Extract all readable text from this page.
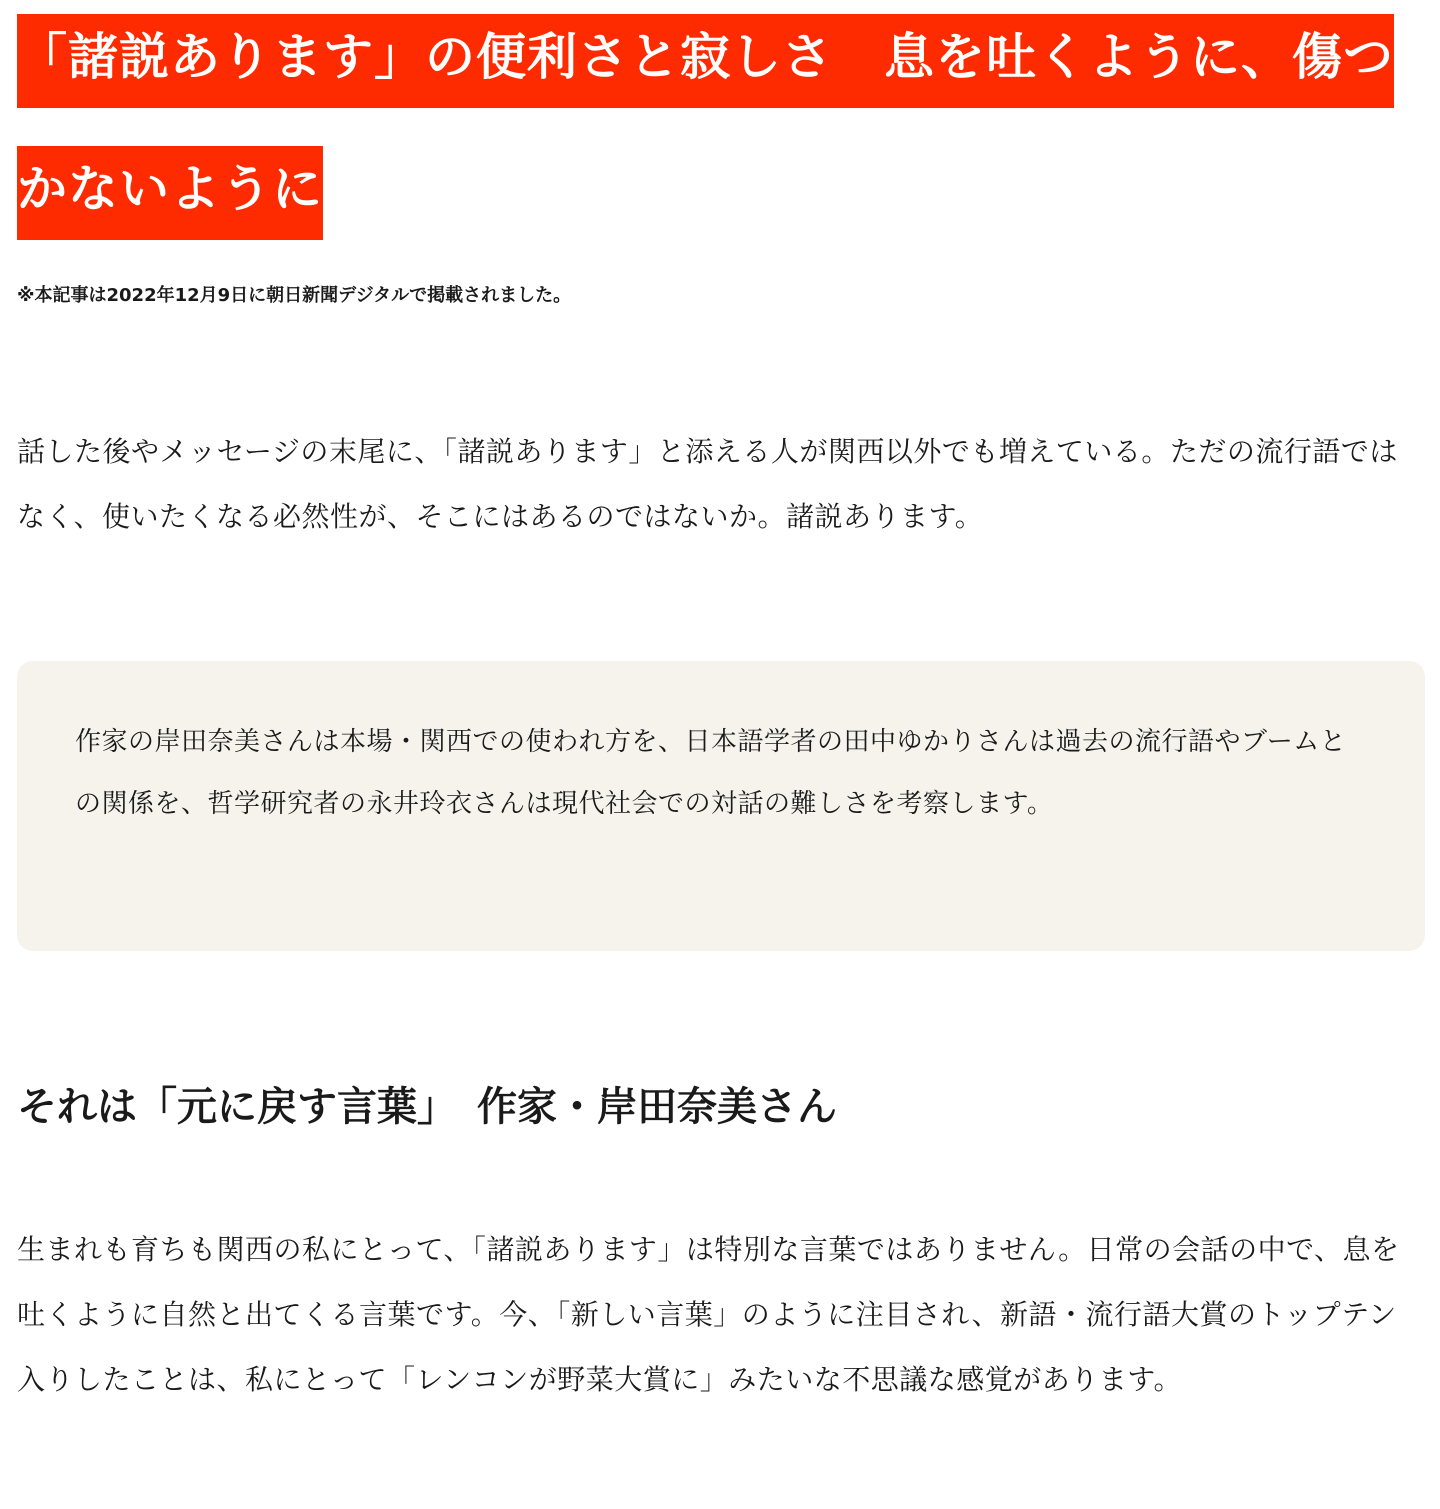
「諸説あります」の便利さと寂しさ　息を吐くように、傷つかないように

※本記事は2022年12月9日に朝日新聞デジタルで掲載されました。

話した後やメッセージの末尾に、「諸説あります」と添える人が関西以外でも増えている。ただの流行語ではなく、使いたくなる必然性が、そこにはあるのではないか。諸説あります。

作家の岸田奈美さんは本場・関西での使われ方を、日本語学者の田中ゆかりさんは過去の流行語やブームとの関係を、哲学研究者の永井玲衣さんは現代社会での対話の難しさを考察します。

それは「元に戻す言葉」　作家・岸田奈美さん

生まれも育ちも関西の私にとって、「諸説あります」は特別な言葉ではありません。日常の会話の中で、息を吐くように自然と出てくる言葉です。今、「新しい言葉」のように注目され、新語・流行語大賞のトップテン入りしたことは、私にとって「レンコンが野菜大賞に」みたいな不思議な感覚があります。
